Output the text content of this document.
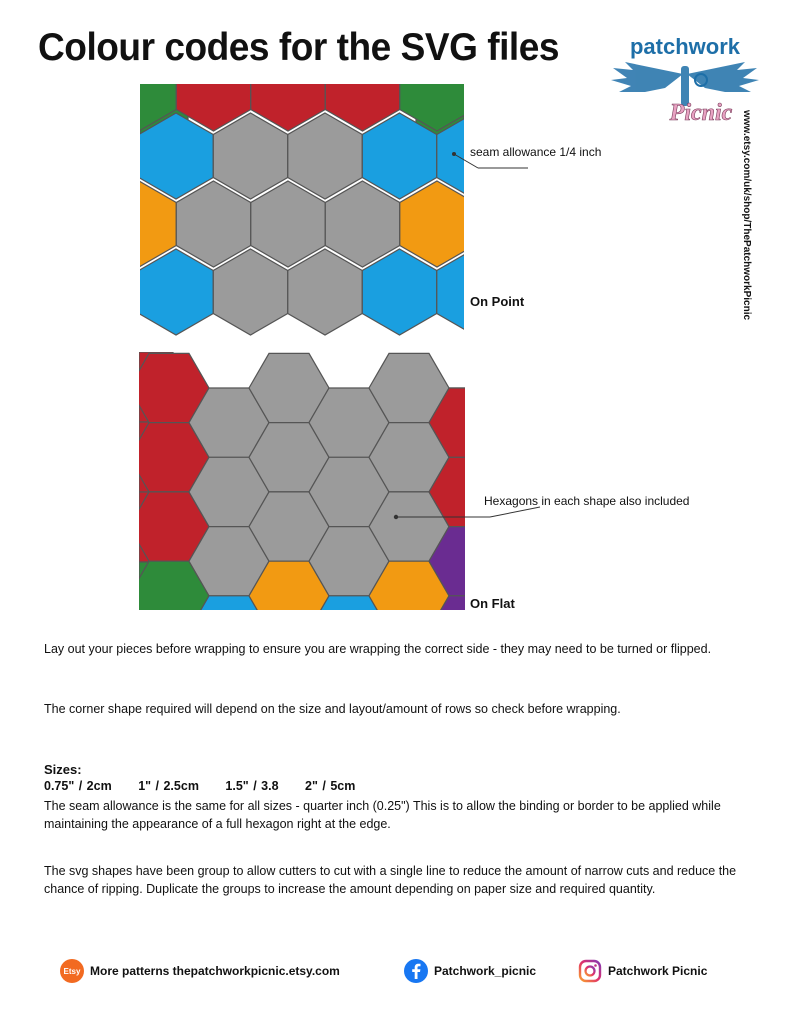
Colour codes for the SVG files	patchwork
Picnic www.etsy.com/uk/shop/ThePatchworkPicnic
On Point
seam allowance 1/4 inch
On Flat
Hexagons in each shape also included
Lay out your pieces before wrapping to ensure you are wrapping the correct side - they may need to be turned or flipped.
The corner shape required will depend on the size and layout/amount of rows so check before wrapping.
Sizes:
0.75" / 2cm 1" / 2.5cm 1.5" / 3.8 2" / 5cm
The seam allowance is the same for all sizes - quarter inch (0.25") This is to allow the binding or border to be applied while maintaining the appearance of a full hexagon right at the edge.
The svg shapes have been group to allow cutters to cut with a single line to reduce the amount of narrow cuts and reduce the chance of ripping. Duplicate the groups to increase the amount depending on paper size and required quantity.
Etsy More patterns thepatchworkpicnic.etsy.com	Patchwork_picnic	Patchwork Picnic
